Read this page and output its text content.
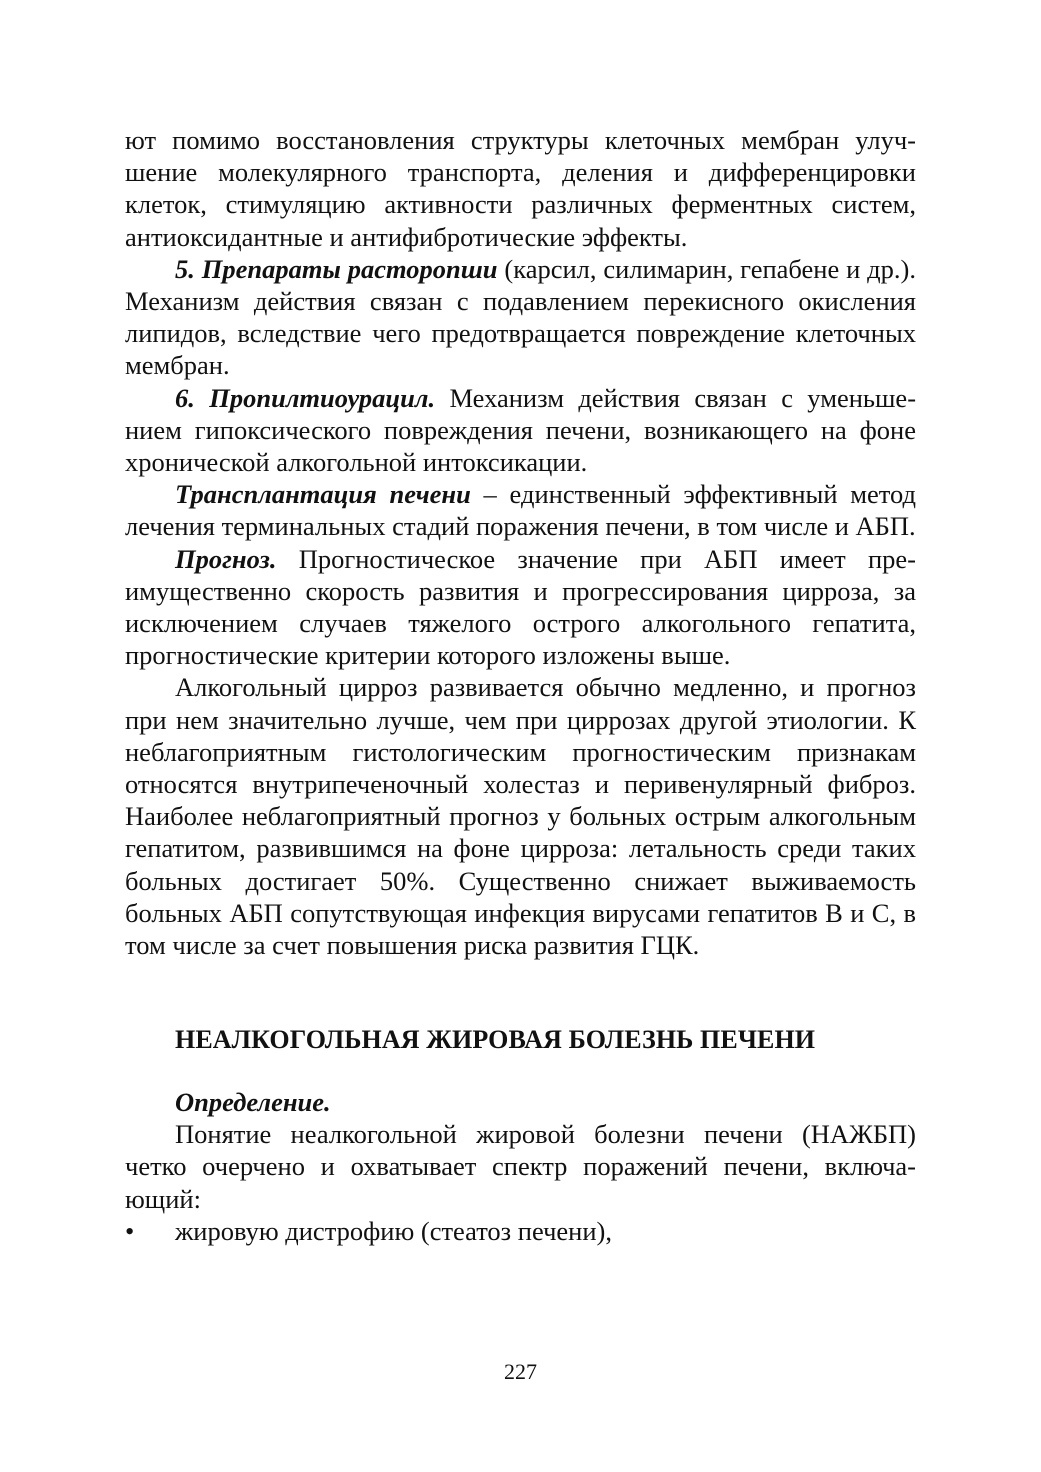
ют помимо восстановления структуры клеточных мембран улучшение молекулярного транспорта, деления и дифференцировки клеток, стимуляцию активности различных ферментных систем, антиоксидантные и антифибротические эффекты.

5. Препараты расторопши (карсил, силимарин, гепабене и др.). Механизм действия связан с подавлением перекисного окисления липидов, вследствие чего предотвращается повреждение клеточных мембран.

6. Пропилтиоурацил. Механизм действия связан с уменьшением гипоксического повреждения печени, возникающего на фоне хронической алкогольной интоксикации.

Трансплантация печени – единственный эффективный метод лечения терминальных стадий поражения печени, в том числе и АБП.

Прогноз. Прогностическое значение при АБП имеет преимущественно скорость развития и прогрессирования цирроза, за исключением случаев тяжелого острого алкогольного гепатита, прогностические критерии которого изложены выше.

Алкогольный цирроз развивается обычно медленно, и прогноз при нем значительно лучше, чем при циррозах другой этиологии. К неблагоприятным гистологическим прогностическим признакам относятся внутрипеченочный холестаз и перивенулярный фиброз. Наиболее неблагоприятный прогноз у больных острым алкогольным гепатитом, развившимся на фоне цирроза: летальность среди таких больных достигает 50%. Существенно снижает выживаемость больных АБП сопутствующая инфекция вирусами гепатитов В и С, в том числе за счет повышения риска развития ГЦК.

НЕАЛКОГОЛЬНАЯ ЖИРОВАЯ БОЛЕЗНЬ ПЕЧЕНИ

Определение.

Понятие неалкогольной жировой болезни печени (НАЖБП) четко очерчено и охватывает спектр поражений печени, включающий:

• жировую дистрофию (стеатоз печени),
227
